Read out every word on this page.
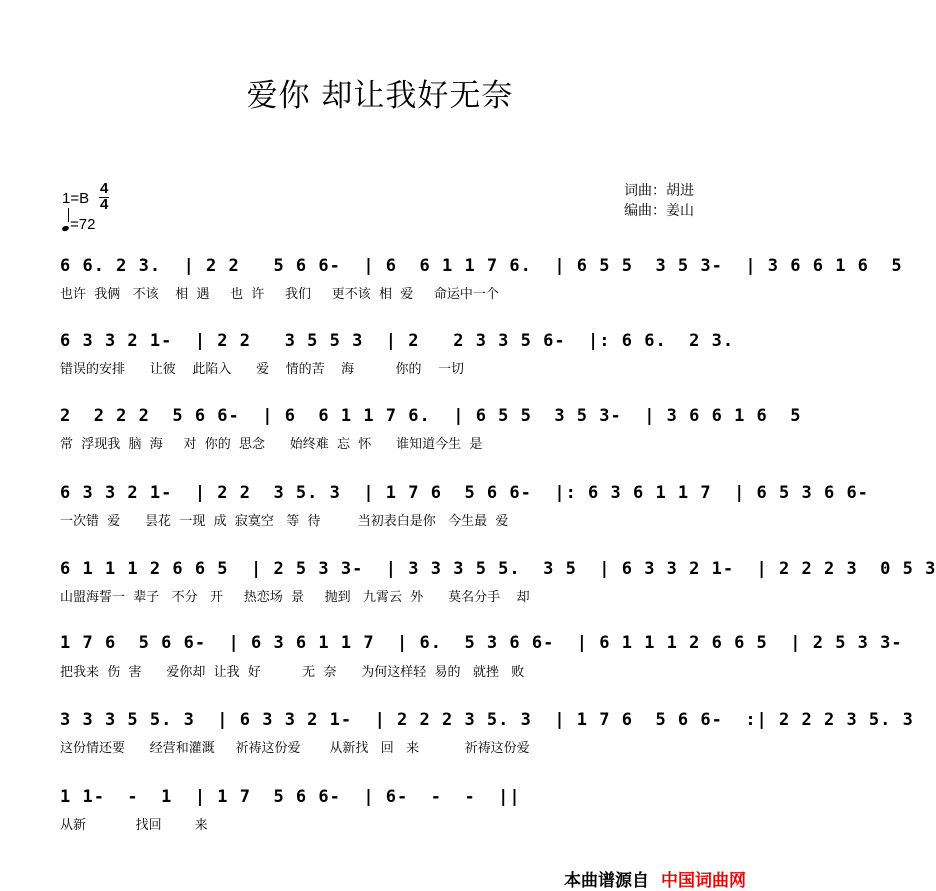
爱你 却让我好无奈
1=B
4
4
=72
词曲：胡进
编曲：姜山
6 6. 2 3.  | 2 2   5 6 6-  | 6  6 1 1 7 6.  | 6 5 5  3 5 3-  | 3 6 6 1 6  5
也许  我俩   不该    相  遇     也  许     我们     更不该  相  爱     命运中一个
6 3 3 2 1-  | 2 2   3 5 5 3  | 2   2 3 3 5 6-  |: 6 6.  2 3.
错误的安排      让彼    此陷入      爱    情的苦    海          你的    一切
2  2 2 2  5 6 6-  | 6  6 1 1 7 6.  | 6 5 5  3 5 3-  | 3 6 6 1 6  5
常  浮现我  脑  海     对  你的  思念      始终难  忘  怀      谁知道今生  是
6 3 3 2 1-  | 2 2  3 5. 3  | 1 7 6  5 6 6-  |: 6 3 6 1 1 7  | 6 5 3 6 6-
一次错  爱      昙花  一现  成  寂寞空   等  待         当初表白是你   今生最  爱
6 1 1 1 2 6 6 5  | 2 5 3 3-  | 3 3 3 5 5.  3 5  | 6 3 3 2 1-  | 2 2 2 3  0 5 3
山盟海誓一  辈子   不分   开     热恋场  景     抛到   九霄云  外      莫名分手    却
1 7 6  5 6 6-  | 6 3 6 1 1 7  | 6.  5 3 6 6-  | 6 1 1 1 2 6 6 5  | 2 5 3 3-
把我来  伤  害      爱你却  让我  好          无  奈      为何这样轻  易的   就挫   败
3 3 3 5 5. 3  | 6 3 3 2 1-  | 2 2 2 3 5. 3  | 1 7 6  5 6 6-  :| 2 2 2 3 5. 3
这份情还要      经营和灌溉     祈祷这份爱       从新找   回   来           祈祷这份爱
1 1-  -  1  | 1 7  5 6 6-  | 6-  -  -  ||
从新            找回        来
本曲谱源自 中国词曲网
